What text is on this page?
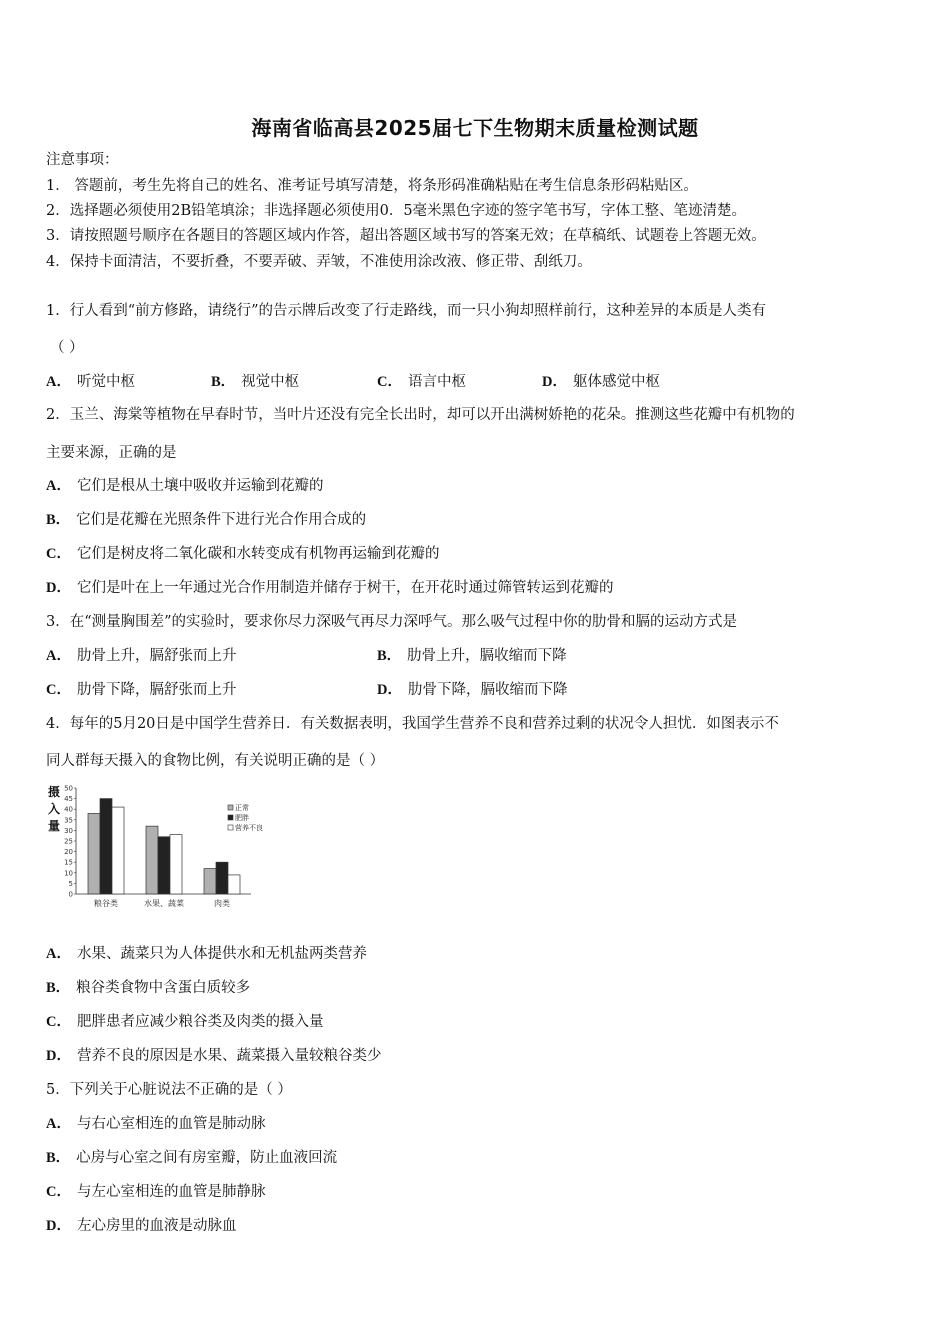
海南省临高县2025届七下生物期末质量检测试题
注意事项：
1． 答题前，考生先将自己的姓名、准考证号填写清楚，将条形码准确粘贴在考生信息条形码粘贴区。
2．选择题必须使用2B铅笔填涂；非选择题必须使用0．5毫米黑色字迹的签字笔书写，字体工整、笔迹清楚。
3．请按照题号顺序在各题目的答题区域内作答，超出答题区域书写的答案无效；在草稿纸、试题卷上答题无效。
4．保持卡面清洁，不要折叠，不要弄破、弄皱，不准使用涂改液、修正带、刮纸刀。
1．行人看到“前方修路，请绕行”的告示牌后改变了行走路线，而一只小狗却照样前行，这种差异的本质是人类有
（ ）
A． 听觉中枢	B． 视觉中枢	C． 语言中枢	D． 躯体感觉中枢
2．玉兰、海棠等植物在早春时节，当叶片还没有完全长出时，却可以开出满树娇艳的花朵。推测这些花瓣中有机物的
主要来源，正确的是
A． 它们是根从土壤中吸收并运输到花瓣的
B． 它们是花瓣在光照条件下进行光合作用合成的
C． 它们是树皮将二氧化碳和水转变成有机物再运输到花瓣的
D． 它们是叶在上一年通过光合作用制造并储存于树干，在开花时通过筛管转运到花瓣的
3．在“测量胸围差”的实验时，要求你尽力深吸气再尽力深呼气。那么吸气过程中你的肋骨和膈的运动方式是
A． 肋骨上升，膈舒张而上升	B． 肋骨上升，膈收缩而下降
C． 肋骨下降，膈舒张而上升	D． 肋骨下降，膈收缩而下降
4．每年的5月20日是中国学生营养日．有关数据表明，我国学生营养不良和营养过剩的状况令人担忧．如图表示不
同人群每天摄入的食物比例，有关说明正确的是（ ）
摄
入
量
0
5
10
15
20
25
30
35
40
45
50
粮谷类	水果、蔬菜	肉类
正常
肥胖
营养不良
A． 水果、蔬菜只为人体提供水和无机盐两类营养
B． 粮谷类食物中含蛋白质较多
C． 肥胖患者应减少粮谷类及肉类的摄入量
D． 营养不良的原因是水果、蔬菜摄入量较粮谷类少
5．下列关于心脏说法不正确的是（ ）
A． 与右心室相连的血管是肺动脉
B． 心房与心室之间有房室瓣，防止血液回流
C． 与左心室相连的血管是肺静脉
D． 左心房里的血液是动脉血
